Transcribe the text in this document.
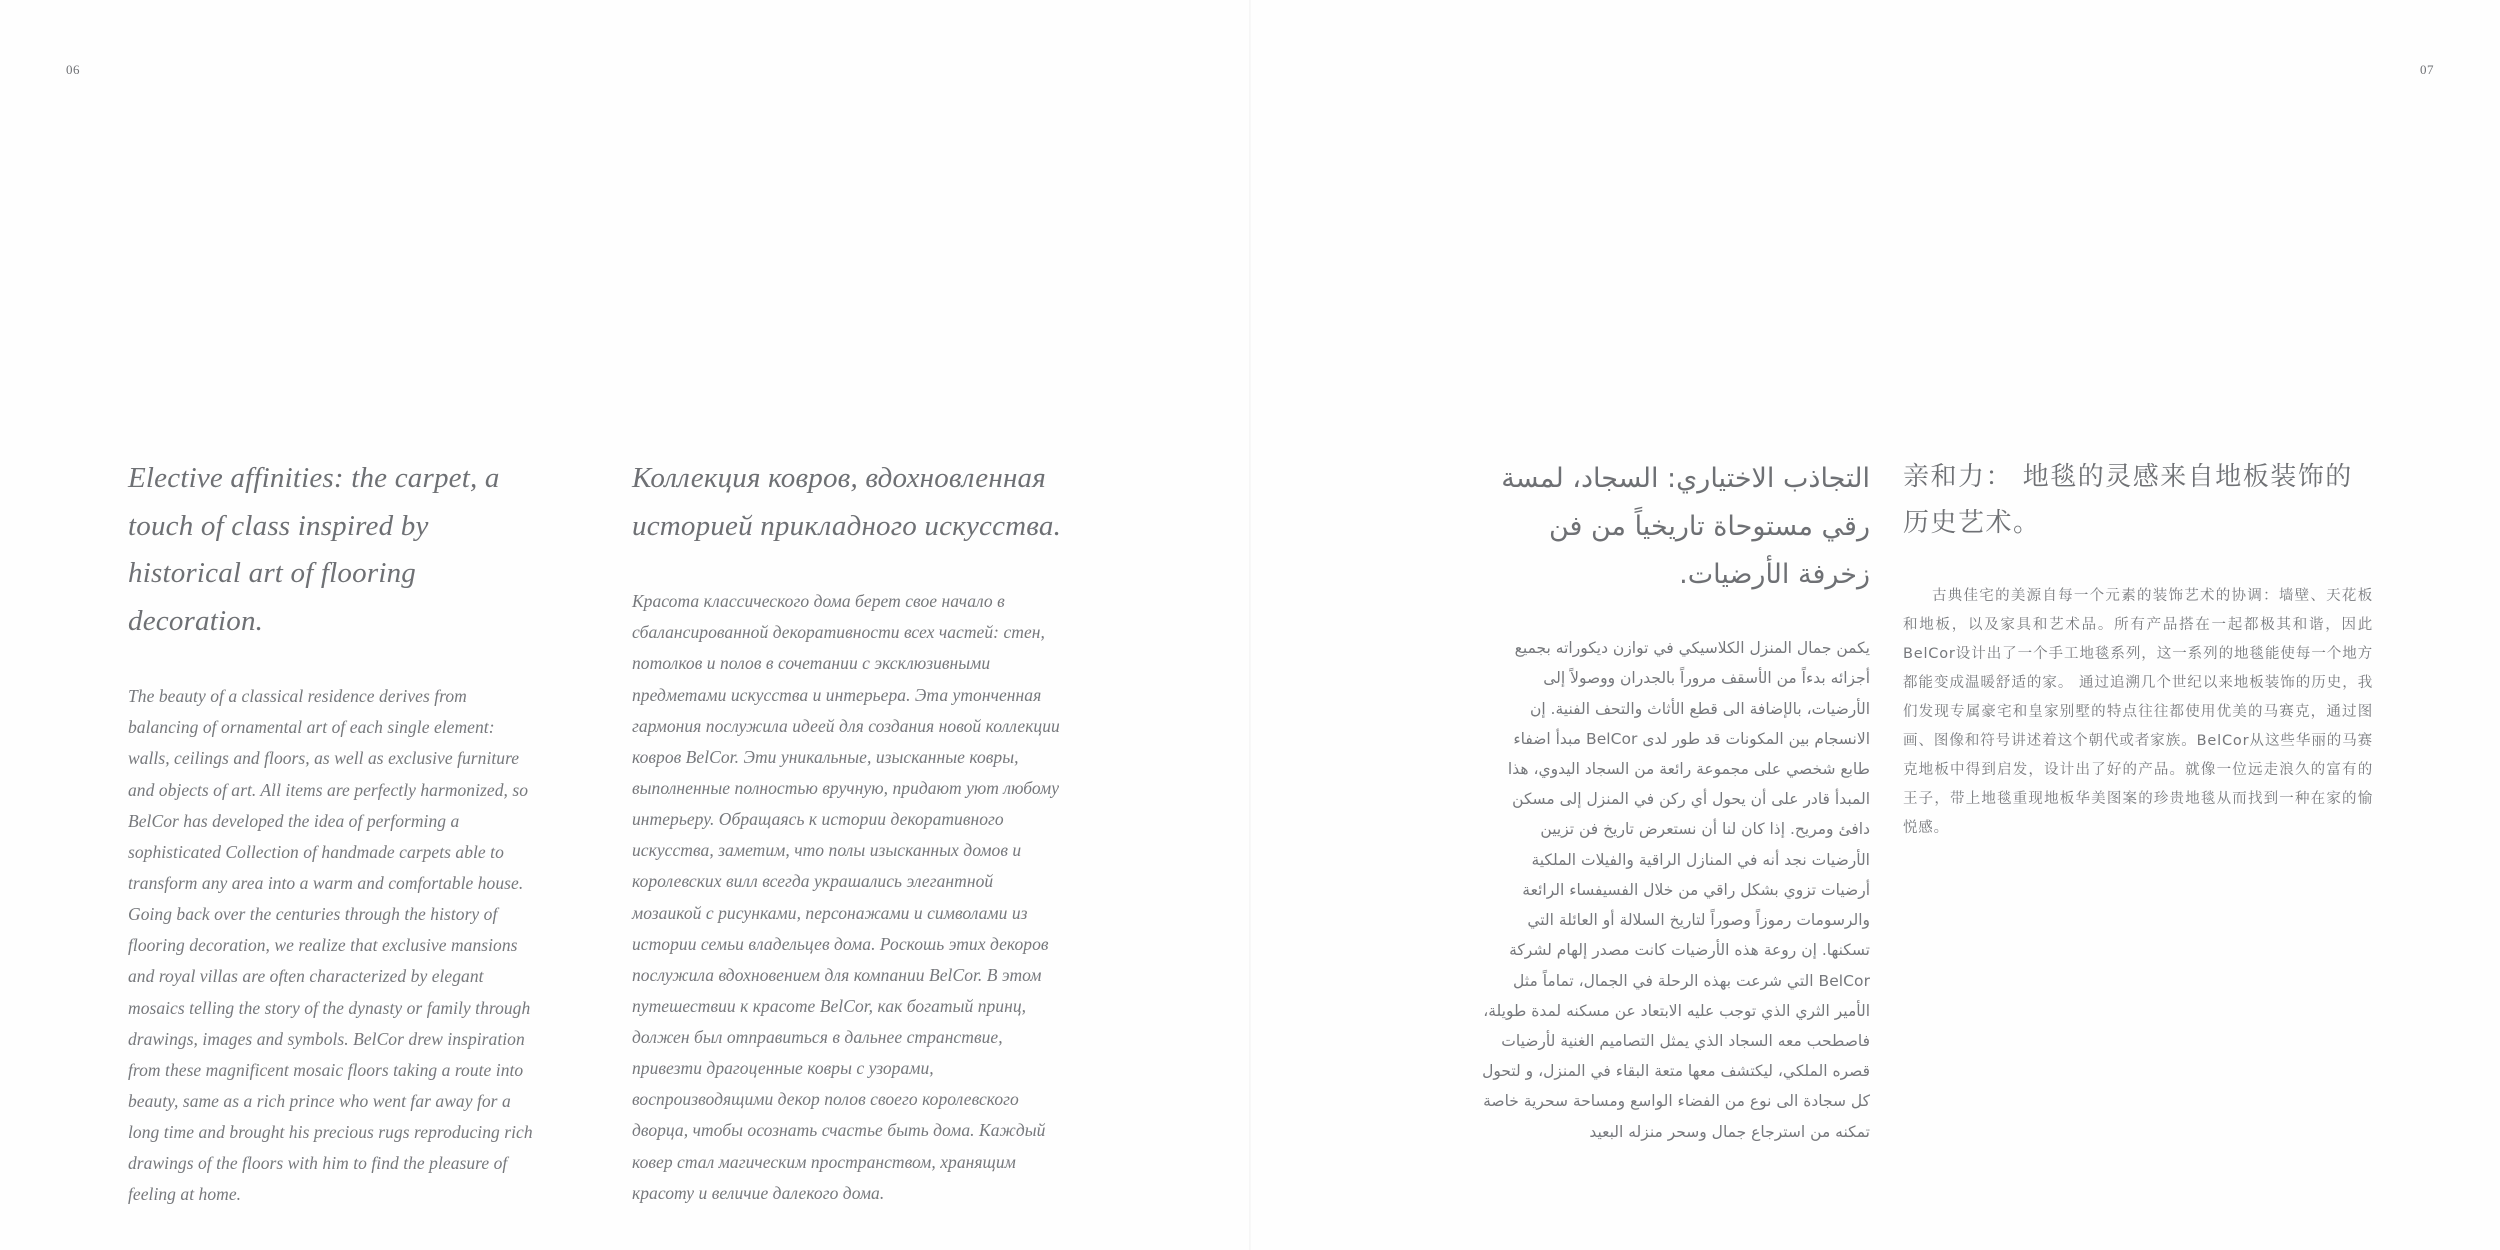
06	07
Elective affinities: the carpet, a touch of class inspired by historical art of flooring decoration.

The beauty of a classical residence derives from balancing of ornamental art of each single element: walls, ceilings and floors, as well as exclusive furniture and objects of art. All items are perfectly harmonized, so BelCor has developed the idea of performing a sophisticated Collection of handmade carpets able to transform any area into a warm and comfortable house. Going back over the centuries through the history of flooring decoration, we realize that exclusive mansions and royal villas are often characterized by elegant mosaics telling the story of the dynasty or family through drawings, images and symbols. BelCor drew inspiration from these magnificent mosaic floors taking a route into beauty, same as a rich prince who went far away for a long time and brought his precious rugs reproducing rich drawings of the floors with him to find the pleasure of feeling at home.

Коллекция ковров, вдохновленная историей прикладного искусства.

Красота классического дома берет свое начало в сбалансированной декоративности всех частей: стен, потолков и полов в сочетании с эксклюзивными предметами искусства и интерьера. Эта утонченная гармония послужила идеей для создания новой коллекции ковров BelCor. Эти уникальные, изысканные ковры, выполненные полностью вручную, придают уют любому интерьеру. Обращаясь к истории декоративного искусства, заметим, что полы изысканных домов и королевских вилл всегда украшались элегантной мозаикой с рисунками, персонажами и символами из истории семьи владельцев дома. Роскошь этих декоров послужила вдохновением для компании BelCor. В этом путешествии к красоте BelCor, как богатый принц, должен был отправиться в дальнее странствие, привезти драгоценные ковры с узорами, воспроизводящими декор полов своего королевского дворца, чтобы осознать счастье быть дома. Каждый ковер стал магическим пространством, хранящим красоту и величие далекого дома.

التجاذب الاختياري: السجاد، لمسة رقي مستوحاة تاريخياً من فن زخرفة الأرضيات.

يكمن جمال المنزل الكلاسيكي في توازن ديكوراته بجميع أجزائه بدءاً من الأسقف مروراً بالجدران ووصولاً إلى الأرضيات، بالإضافة الى قطع الأثاث والتحف الفنية. إن الانسجام بين المكونات قد طور لدى BelCor مبدأ اضفاء طابع شخصي على مجموعة رائعة من السجاد اليدوي، هذا المبدأ قادر على أن يحول أي ركن في المنزل إلى مسكن دافئ ومريح. إذا كان لنا أن نستعرض تاريخ فن تزيين الأرضيات نجد أنه في المنازل الراقية والفيلات الملكية أرضيات تزوي بشكل راقي من خلال الفسيفساء الرائعة والرسومات رموزاً وصوراً لتاريخ السلالة أو العائلة التي تسكنها. إن روعة هذه الأرضيات كانت مصدر إلهام لشركة BelCor التي شرعت بهذه الرحلة في الجمال، تماماً مثل الأمير الثري الذي توجب عليه الابتعاد عن مسكنه لمدة طويلة، فاصطحب معه السجاد الذي يمثل التصاميم الغنية لأرضيات قصره الملكي، ليكتشف معها متعة البقاء في المنزل، و لتحول كل سجادة الى نوع من الفضاء الواسع ومساحة سحرية خاصة تمكنه من استرجاع جمال وسحر منزله البعيد

亲和力： 地毯的灵感来自地板装饰的历史艺术。

古典佳宅的美源自每一个元素的装饰艺术的协调：墙壁、天花板和地板，以及家具和艺术品。所有产品搭在一起都极其和谐，因此BelCor设计出了一个手工地毯系列，这一系列的地毯能使每一个地方都能变成温暖舒适的家。 通过追溯几个世纪以来地板装饰的历史，我们发现专属豪宅和皇家别墅的特点往往都使用优美的马赛克，通过图画、图像和符号讲述着这个朝代或者家族。BelCor从这些华丽的马赛克地板中得到启发，设计出了好的产品。就像一位远走浪久的富有的王子，带上地毯重现地板华美图案的珍贵地毯从而找到一种在家的愉悦感。
